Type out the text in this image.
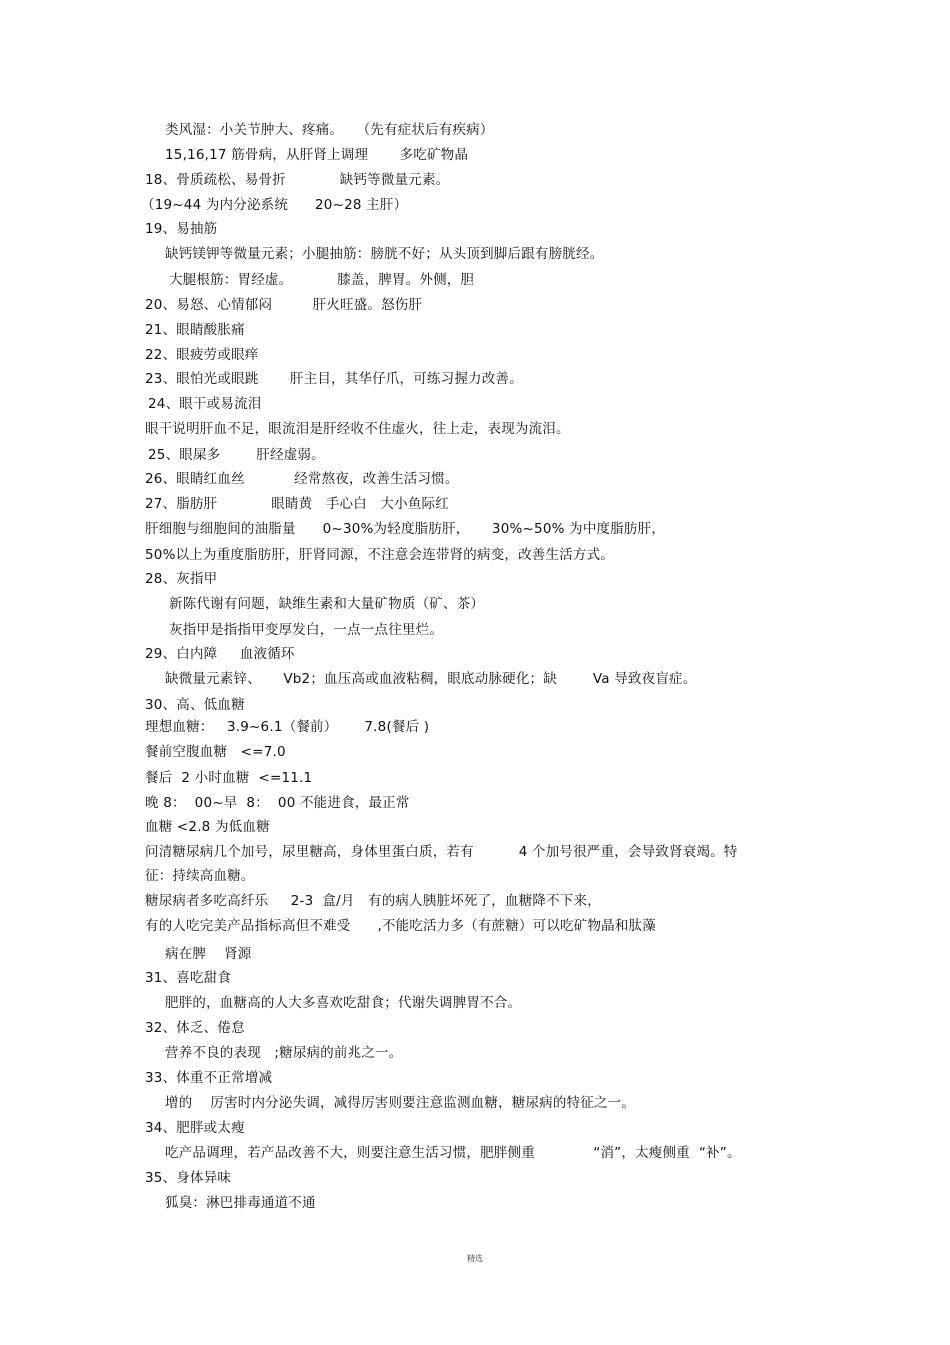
类风湿：小关节肿大、疼痛。   （先有症状后有疾病）
15,16,17 筋骨病，从肝肾上调理       多吃矿物晶
18、骨质疏松、易骨折            缺钙等微量元素。
（19~44 为内分泌系统      20~28 主肝）
19、易抽筋
缺钙镁钾等微量元素；小腿抽筋：膀胱不好；从头顶到脚后跟有膀胱经。
大腿根筋：胃经虚。          膝盖，脾胃。外侧，胆
20、易怒、心情郁闷         肝火旺盛。怒伤肝
21、眼睛酸胀痛
22、眼疲劳或眼痒
23、眼怕光或眼跳       肝主目，其华仔爪，可练习握力改善。
24、眼干或易流泪
眼干说明肝血不足，眼流泪是肝经收不住虚火，往上走，表现为流泪。
25、眼屎多        肝经虚弱。
26、眼睛红血丝           经常熬夜，改善生活习惯。
27、脂肪肝            眼睛黄   手心白   大小鱼际红
肝细胞与细胞间的油脂量      0~30%为轻度脂肪肝，     30%~50% 为中度脂肪肝，
50%以上为重度脂肪肝，肝肾同源，不注意会连带肾的病变，改善生活方式。
28、灰指甲
新陈代谢有问题，缺维生素和大量矿物质（矿、茶）
灰指甲是指指甲变厚发白，一点一点往里烂。
29、白内障     血液循环
缺微量元素锌、     Vb2；血压高或血液粘稠，眼底动脉硬化；缺        Va 导致夜盲症。
30、高、低血糖
理想血糖：   3.9~6.1（餐前）      7.8(餐后 )
餐前空腹血糖   <=7.0
餐后  2 小时血糖  <=11.1
晚 8：  00~早  8：  00 不能进食，最正常
血糖 <2.8 为低血糖
问清糖尿病几个加号，尿里糖高，身体里蛋白质，若有          4 个加号很严重，会导致肾衰竭。特
征：持续高血糖。
糖尿病者多吃高纤乐     2-3  盒/月   有的病人胰脏坏死了，血糖降不下来，
有的人吃完美产品指标高但不难受      ,不能吃活力多（有蔗糖）可以吃矿物晶和肽藻
病在脾    肾源
31、喜吃甜食
肥胖的，血糖高的人大多喜欢吃甜食；代谢失调脾胃不合。
32、体乏、倦怠
营养不良的表现   ;糖尿病的前兆之一。
33、体重不正常增减
增的    厉害时内分泌失调，减得厉害则要注意监测血糖，糖尿病的特征之一。
34、肥胖或太瘦
吃产品调理，若产品改善不大，则要注意生活习惯，肥胖侧重             “消”，太瘦侧重  “补”。
35、身体异味
狐臭：淋巴排毒通道不通
精选
